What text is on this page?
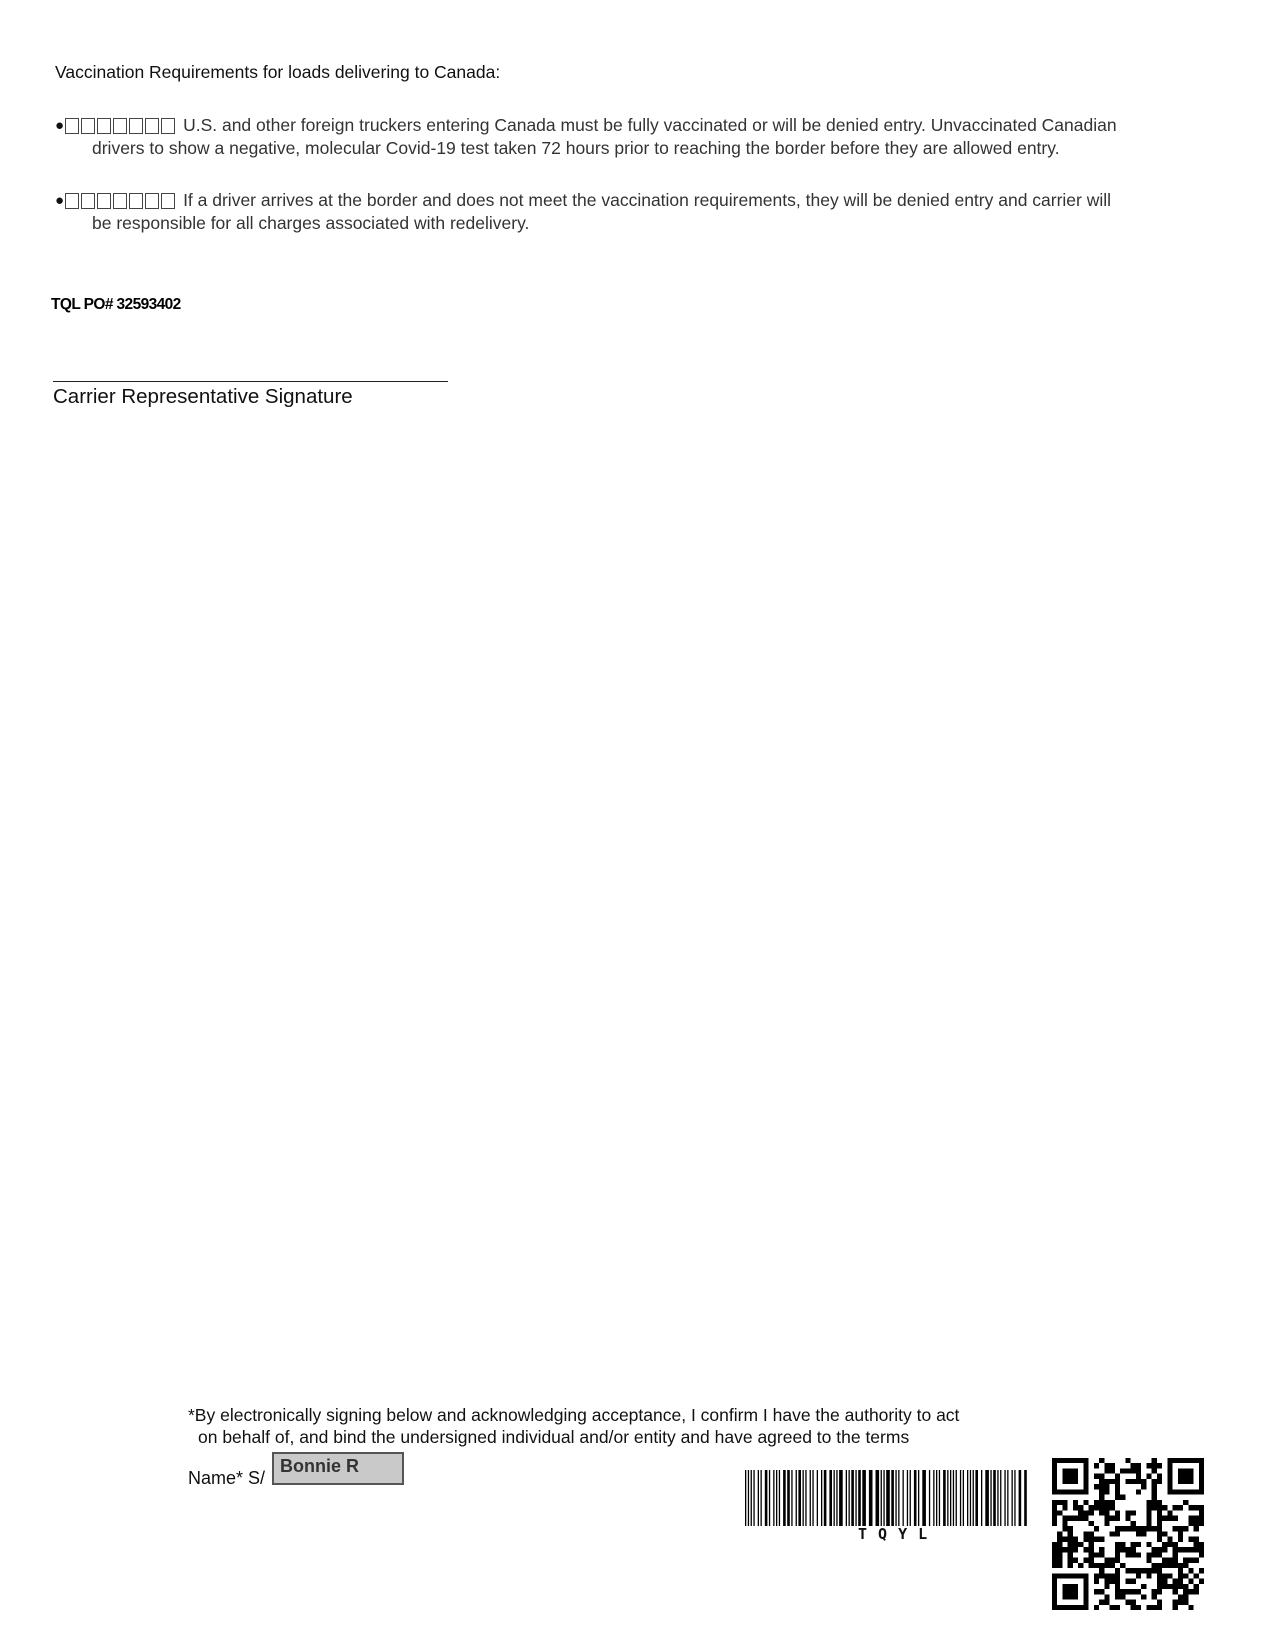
Vaccination Requirements for loads delivering to Canada:
●	U.S. and other foreign truckers entering Canada must be fully vaccinated or will be denied entry. Unvaccinated Canadian
drivers to show a negative, molecular Covid-19 test taken 72 hours prior to reaching the border before they are allowed entry.
●	If a driver arrives at the border and does not meet the vaccination requirements, they will be denied entry and carrier will
be responsible for all charges associated with redelivery.
TQL PO# 32593402
Carrier Representative Signature
*By electronically signing below and acknowledging acceptance, I confirm I have the authority to act
on behalf of, and bind the undersigned individual and/or entity and have agreed to the terms
Name* S/
Bonnie R
T Q Y L
